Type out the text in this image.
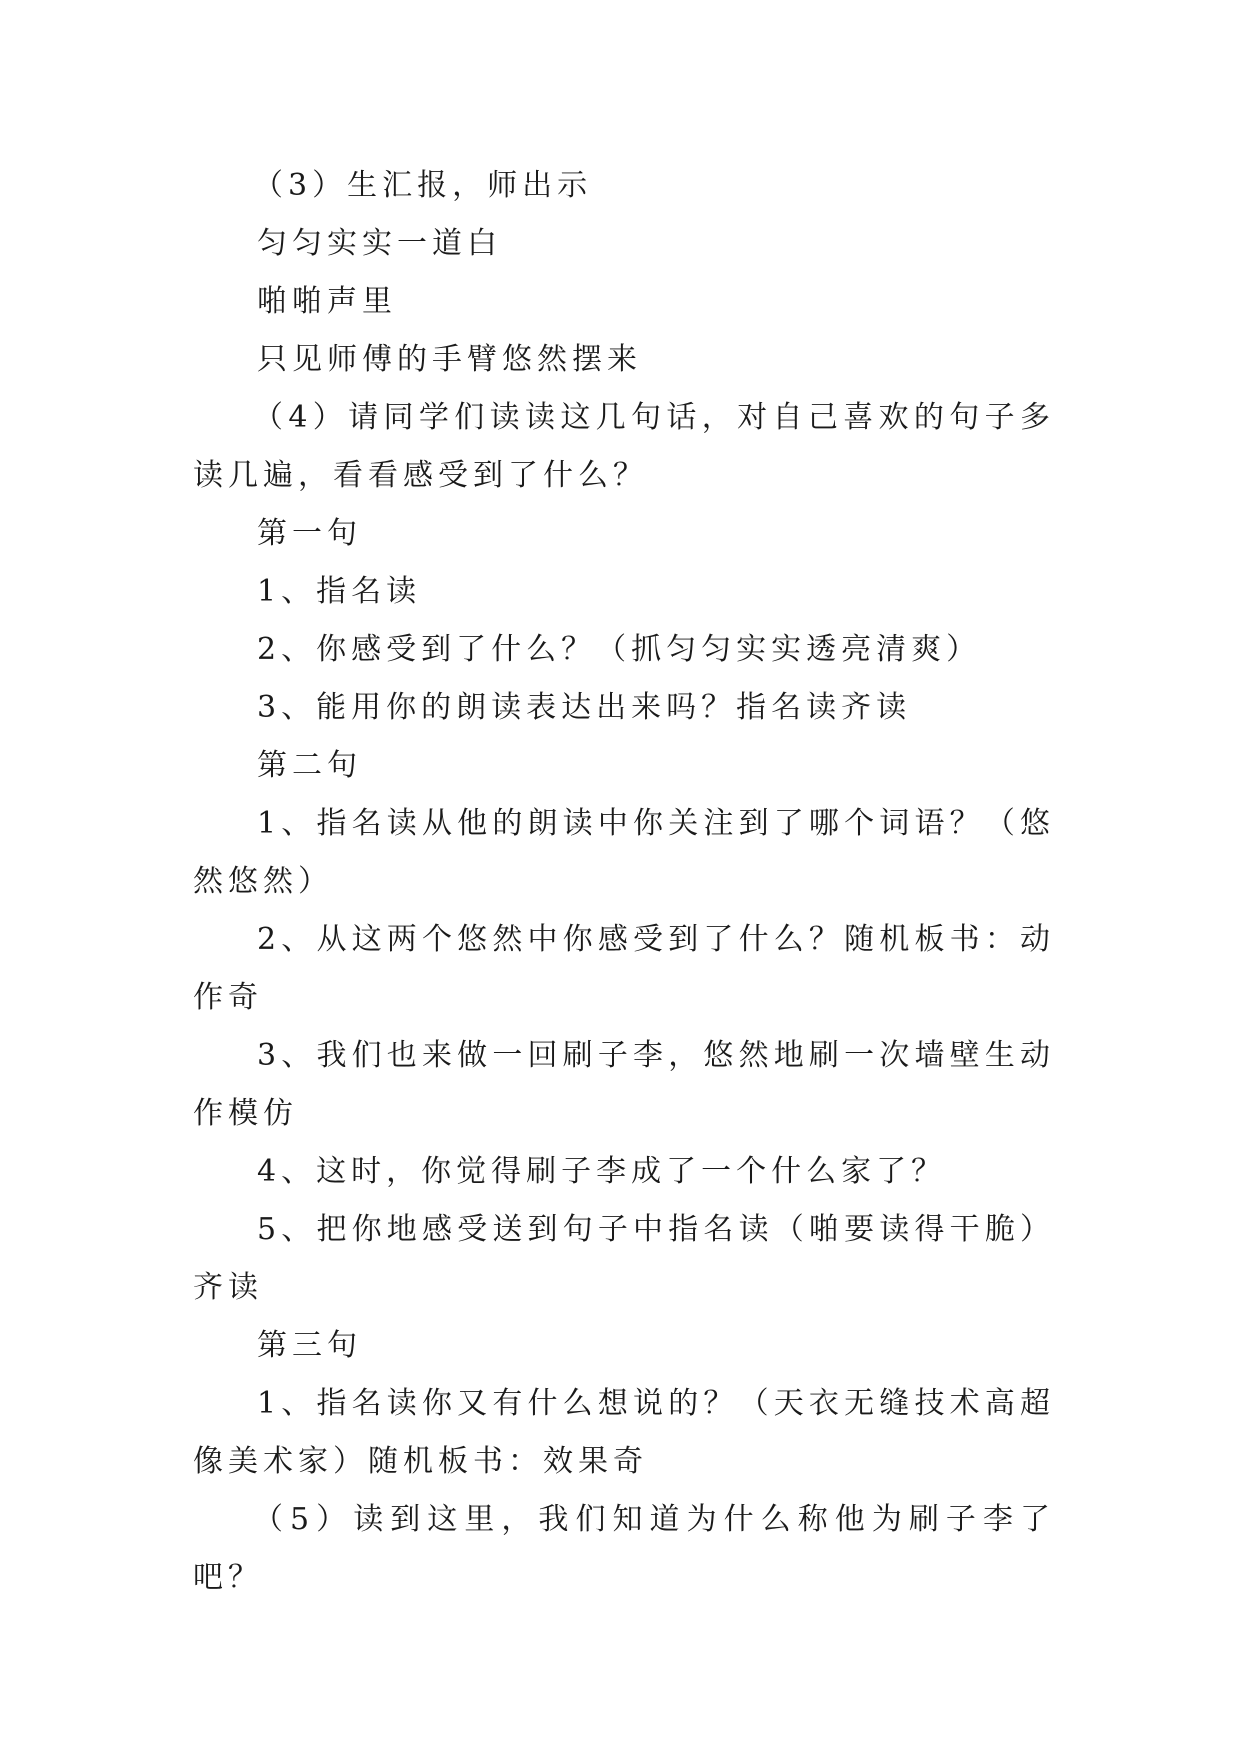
（3）生汇报，师出示

匀匀实实一道白

啪啪声里

只见师傅的手臂悠然摆来

（4）请同学们读读这几句话，对自己喜欢的句子多读几遍，看看感受到了什么？

第一句

1、指名读

2、你感受到了什么？（抓匀匀实实透亮清爽）

3、能用你的朗读表达出来吗？指名读齐读

第二句

1、指名读从他的朗读中你关注到了哪个词语？（悠然悠然）

2、从这两个悠然中你感受到了什么？随机板书：动作奇

3、我们也来做一回刷子李，悠然地刷一次墙壁生动作模仿

4、这时，你觉得刷子李成了一个什么家了？

5、把你地感受送到句子中指名读（啪要读得干脆）齐读

第三句

1、指名读你又有什么想说的？（天衣无缝技术高超像美术家）随机板书：效果奇

（5）读到这里，我们知道为什么称他为刷子李了吧？
